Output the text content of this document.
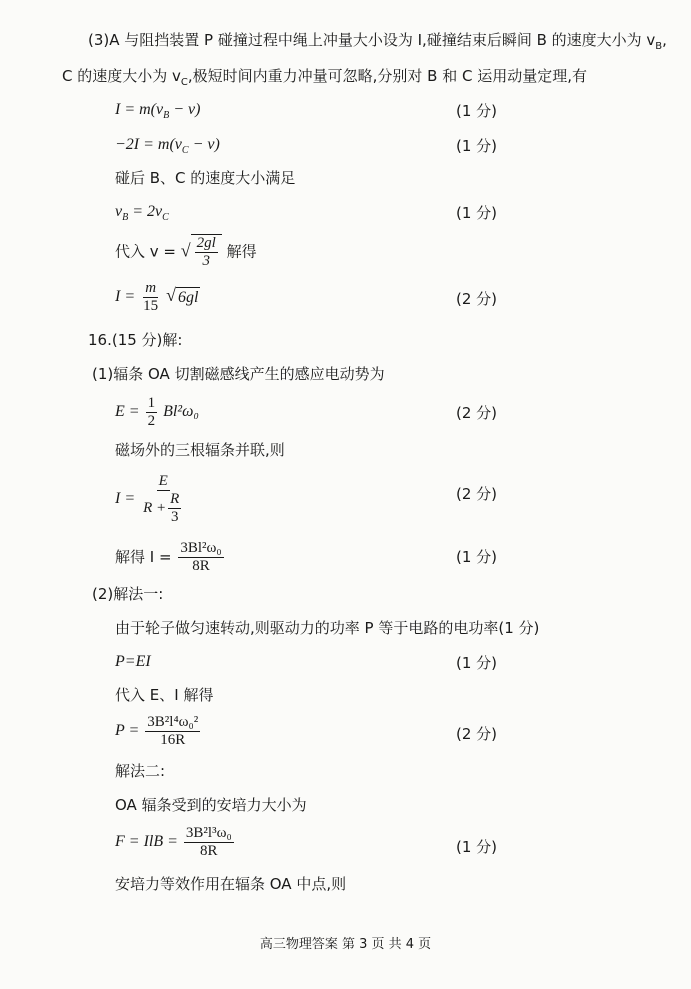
(3)A 与阻挡装置 P 碰撞过程中绳上冲量大小设为 I,碰撞结束后瞬间 B 的速度大小为 $v_B$,
C 的速度大小为 $v_C$,极短时间内重力冲量可忽略,分别对 B 和 C 运用动量定理,有
$I = m(v_B - v)$	(1 分)
$-2I = m(v_C - v)$	(1 分)
碰后 B、C 的速度大小满足
$v_B = 2v_C$	(1 分)
代入 v = √ $\frac{2gl}{3}$ 解得
$I = \frac{m}{15}$ √ 6gl	(2 分)
16.(15 分)解:
(1)辐条 OA 切割磁感线产生的感应电动势为
$E = \frac{1}{2} Bl^2\omega_0$	(2 分)
磁场外的三根辐条并联,则
$I = \frac{E}{R + \frac{R}{3}}$	(2 分)
解得 $I = \frac{\text{3Bl²ω₀}}{8R}$	(1 分)
(2)解法一:
由于轮子做匀速转动,则驱动力的功率 P 等于电路的电功率(1 分)
P=EI	(1 分)
代入 E、I 解得
$P = \frac{\text{3B²l⁴ω₀²}}{16R}$	(2 分)
解法二:
OA 辐条受到的安培力大小为
F = IlB = $\frac{\text{3B²l³ω₀}}{8R}$	(1 分)
安培力等效作用在辐条 OA 中点,则
高三物理答案 第 3 页 共 4 页
